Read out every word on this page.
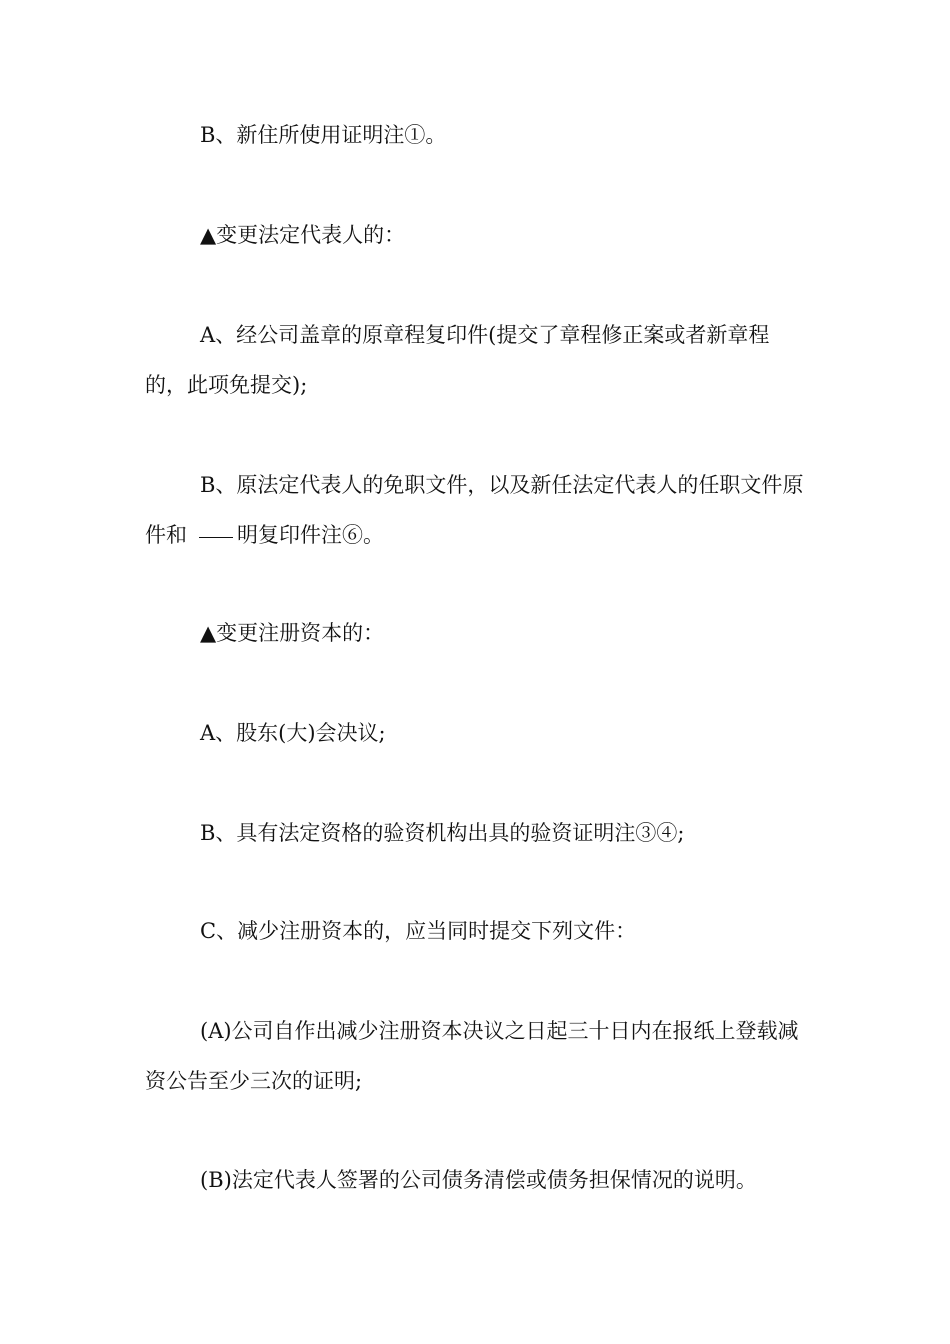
B、新住所使用证明注①。

▲变更法定代表人的：

A、经公司盖章的原章程复印件(提交了章程修正案或者新章程的，此项免提交);

B、原法定代表人的免职文件，以及新任法定代表人的任职文件原件和 明复印件注⑥。

▲变更注册资本的：

A、股东(大)会决议;

B、具有法定资格的验资机构出具的验资证明注③④;

C、减少注册资本的，应当同时提交下列文件：

(A)公司自作出减少注册资本决议之日起三十日内在报纸上登载减资公告至少三次的证明;

(B)法定代表人签署的公司债务清偿或债务担保情况的说明。
